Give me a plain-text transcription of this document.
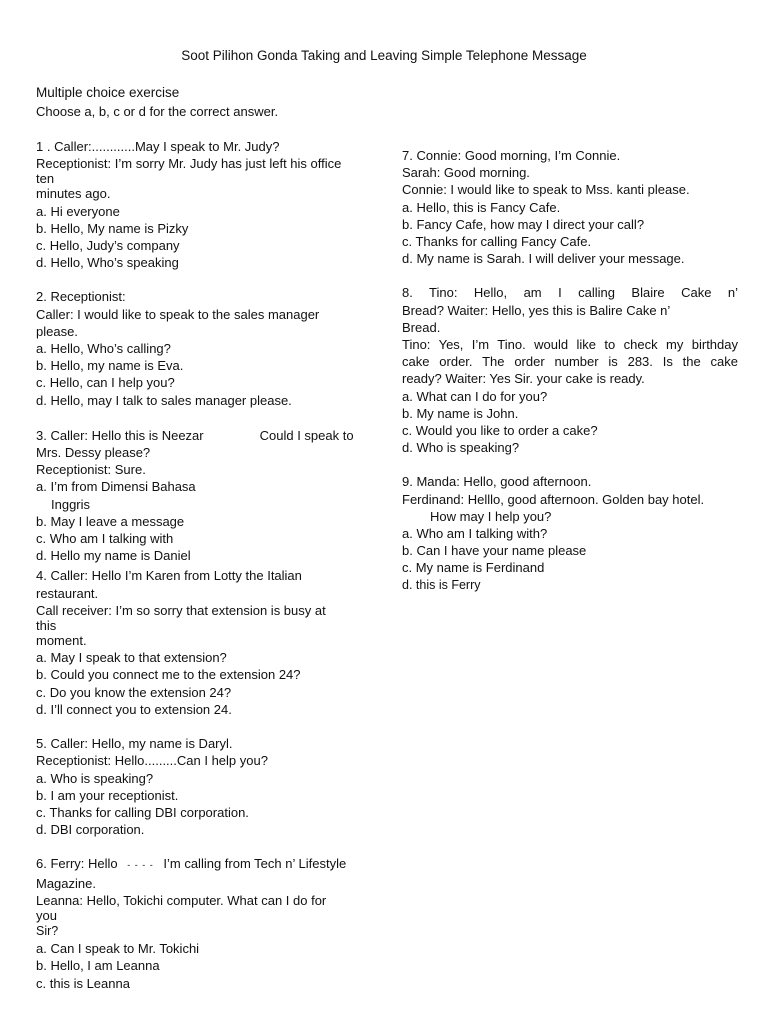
Soot Pilihon Gonda Taking and Leaving Simple Telephone Message
Multiple choice exercise
Choose a, b, c or d for the correct answer.
1 . Caller:............May I speak to Mr. Judy?
Receptionist: I’m sorry Mr. Judy has just left his office
ten
minutes ago.
a. Hi everyone
b. Hello, My name is Pizky
c. Hello, Judy’s company
d. Hello, Who’s speaking
2. Receptionist:
Caller: I would like to speak to the sales manager
please.
a. Hello, Who’s calling?
b. Hello, my name is Eva.
c. Hello, can I help you?
d. Hello, may I talk to sales manager please.
3. Caller: Hello this is Neezar	Could I speak to
Mrs. Dessy please?
Receptionist: Sure.
a. I’m from Dimensi Bahasa
Inggris
b. May I leave a message
c. Who am I talking with
d. Hello my name is Daniel
4. Caller: Hello I’m Karen from Lotty the Italian
restaurant.
Call receiver: I’m so sorry that extension is busy at
this
moment.
a. May I speak to that extension?
b. Could you connect me to the extension 24?
c. Do you know the extension 24?
d. I’ll connect you to extension 24.
5. Caller: Hello, my name is Daryl.
Receptionist: Hello.........Can I help you?
a. Who is speaking?
b. I am your receptionist.
c. Thanks for calling DBI corporation.
d. DBI corporation.
6. Ferry: Hello - - - - I’m calling from Tech n’ Lifestyle
Magazine.
Leanna: Hello, Tokichi computer. What can I do for
you
Sir?
a. Can I speak to Mr. Tokichi
b. Hello, I am Leanna
c. this is Leanna
7. Connie: Good morning, I’m Connie.
Sarah: Good morning.
Connie: I would like to speak to Mss. kanti please.
a. Hello, this is Fancy Cafe.
b. Fancy Cafe, how may I direct your call?
c. Thanks for calling Fancy Cafe.
d. My name is Sarah. I will deliver your message.
8. Tino: Hello, am I calling Blaire Cake n’
Bread? Waiter: Hello, yes this is Balire Cake n’
Bread.
Tino: Yes, I’m Tino. would like to check my birthday
cake order. The order number is 283. Is the cake
ready? Waiter: Yes Sir. your cake is ready.
a. What can I do for you?
b. My name is John.
c. Would you like to order a cake?
d. Who is speaking?
9. Manda: Hello, good afternoon.
Ferdinand: Helllo, good afternoon. Golden bay hotel.
How may I help you?
a. Who am I talking with?
b. Can I have your name please
c. My name is Ferdinand
d. this is Ferry
